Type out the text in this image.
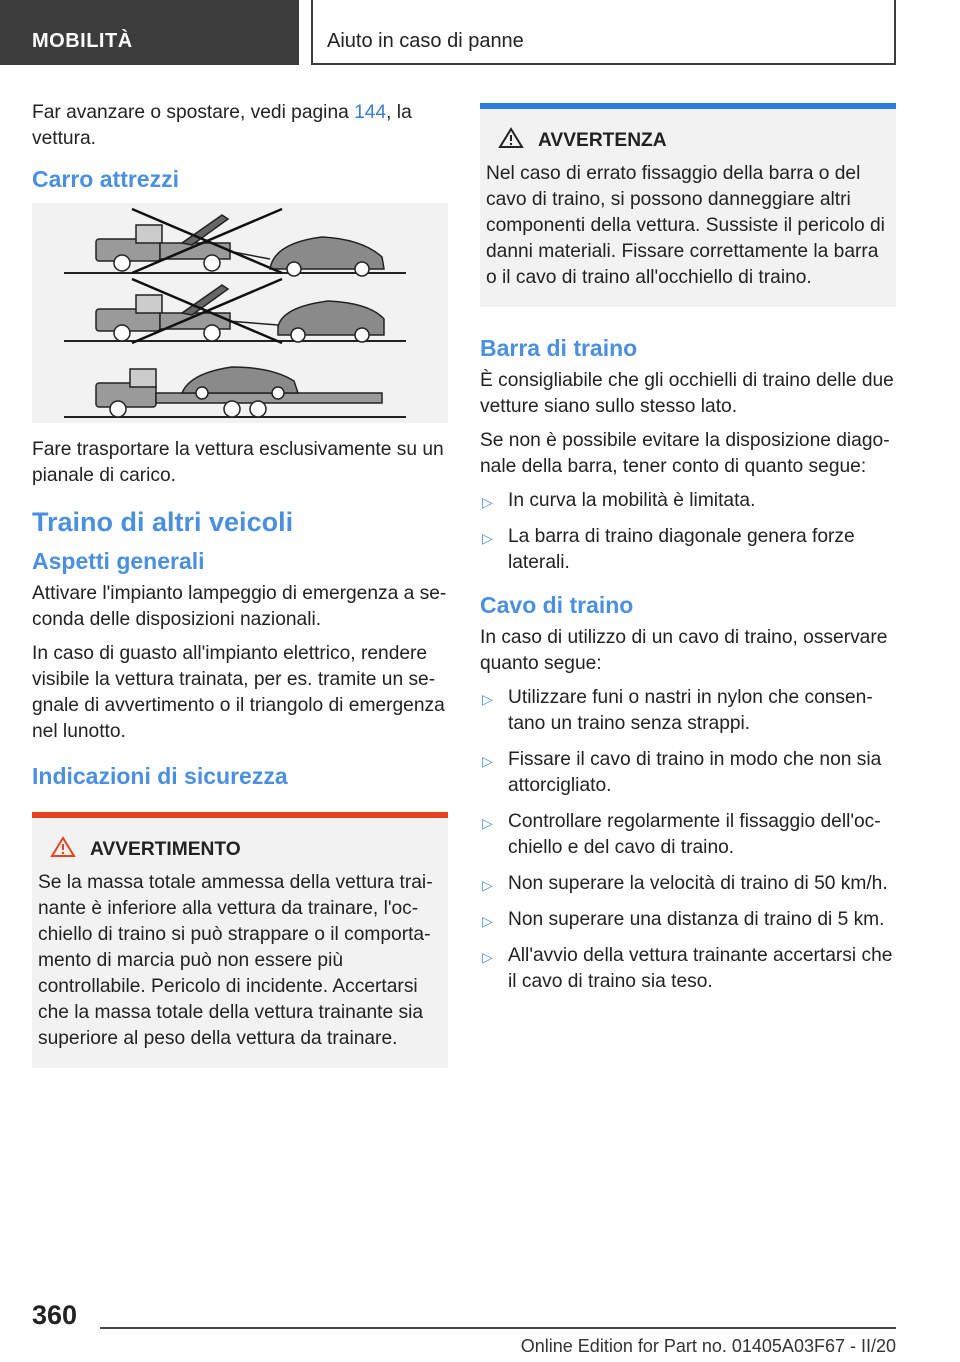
MOBILITÀ	Aiuto in caso di panne

Far avanzare o spostare, vedi pagina 144, la vettura.

Carro attrezzi

Fare trasportare la vettura esclusivamente su un pianale di carico.

Traino di altri veicoli
Aspetti generali

Attivare l'impianto lampeggio di emergenza a seconda delle disposizioni nazionali.

In caso di guasto all'impianto elettrico, rendere visibile la vettura trainata, per es. tramite un segnale di avvertimento o il triangolo di emergenza nel lunotto.

Indicazioni di sicurezza
AVVERTIMENTO

Se la massa totale ammessa della vettura trainante è inferiore alla vettura da trainare, l'occhiello di traino si può strappare o il comportamento di marcia può non essere più controllabile. Pericolo di incidente. Accertarsi che la massa totale della vettura trainante sia superiore al peso della vettura da trainare.

AVVERTENZA

Nel caso di errato fissaggio della barra o del cavo di traino, si possono danneggiare altri componenti della vettura. Sussiste il pericolo di danni materiali. Fissare correttamente la barra o il cavo di traino all'occhiello di traino.

Barra di traino

È consigliabile che gli occhielli di traino delle due vetture siano sullo stesso lato.

Se non è possibile evitare la disposizione diagonale della barra, tener conto di quanto segue:

▷ In curva la mobilità è limitata.
▷ La barra di traino diagonale genera forze laterali.
Cavo di traino

In caso di utilizzo di un cavo di traino, osservare quanto segue:

▷ Utilizzare funi o nastri in nylon che consentano un traino senza strappi.
▷ Fissare il cavo di traino in modo che non sia attorcigliato.
▷ Controllare regolarmente il fissaggio dell'occhiello e del cavo di traino.
▷ Non superare la velocità di traino di 50 km/h.
▷ Non superare una distanza di traino di 5 km.
▷ All'avvio della vettura trainante accertarsi che il cavo di traino sia teso.
360
Online Edition for Part no. 01405A03F67 - II/20
